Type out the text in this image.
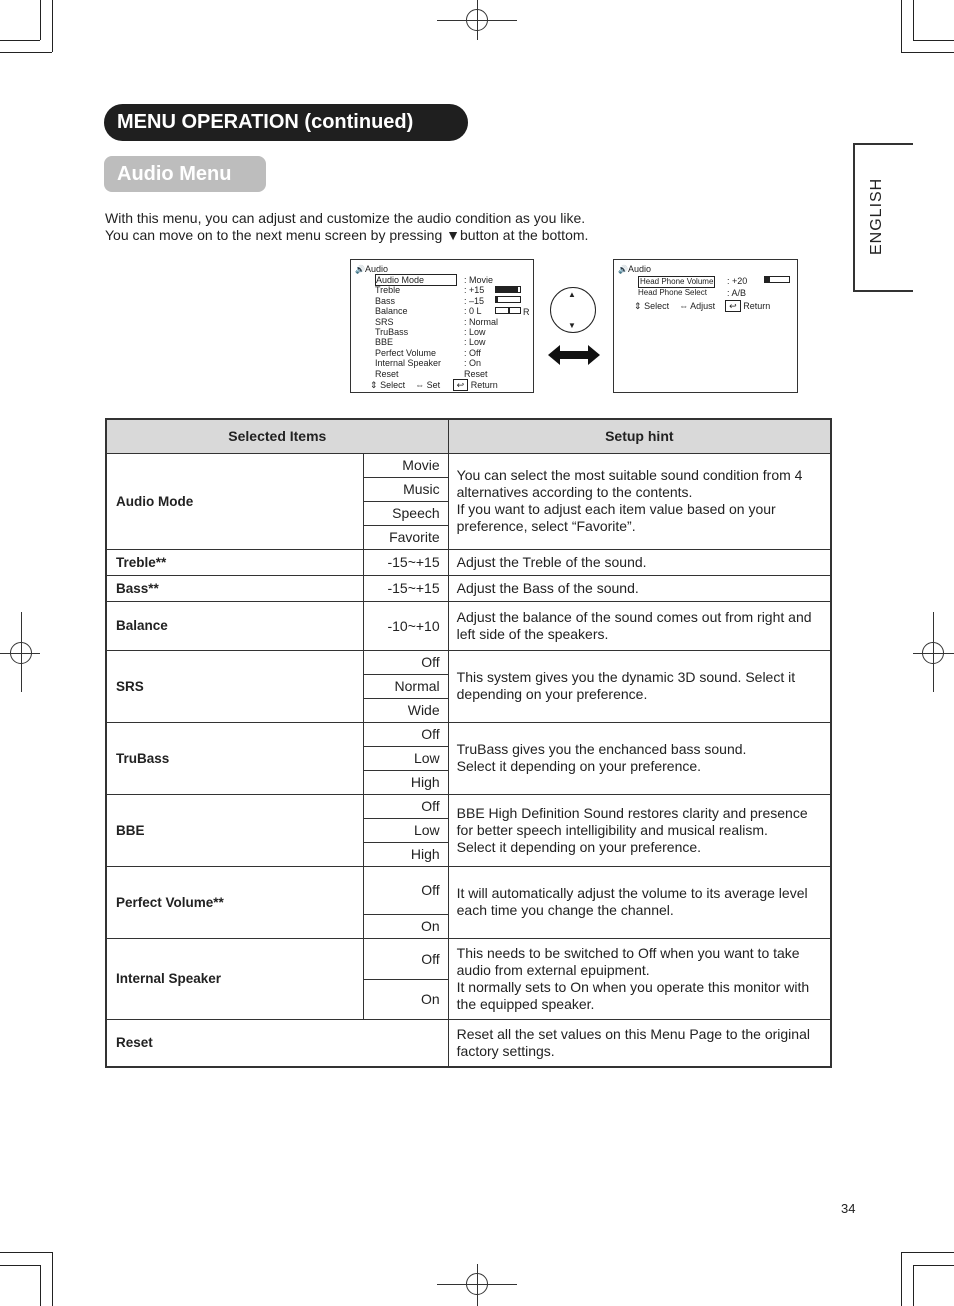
MENU OPERATION (continued)
Audio Menu
With this menu, you can adjust and customize the audio condition as you like.
You can move on to the next menu screen by pressing ▼button at the bottom.	ENGLISH
🔊Audio
Audio Mode	: Movie
Treble	: +15
Bass	: –15
Balance	: 0 L
SRS	: Normal
TruBass	: Low
BBE	: Low
Perfect Volume	: Off
Internal Speaker	: On
Reset	Reset
R
⇕ Select ⇔ Set ↩ Return
▲
▼
🔊Audio
Head Phone Volume : +20
Head Phone Select : A/B
⇕ Select ⇔ Adjust ↩ Return
Selected Items		Setup hint
Audio Mode	Movie	You can select the most suitable sound condition from 4 alternatives according to the contents.
If you want to adjust each item value based on your preference, select “Favorite”.
	Music	
	Speech	
	Favorite	
Treble**	-15~+15	Adjust the Treble of the sound.
Bass**	-15~+15	Adjust the Bass of the sound.
Balance	-10~+10	Adjust the balance of the sound comes out from right and left side of the speakers.
SRS	Off	This system gives you the dynamic 3D sound. Select it depending on your preference.
	Normal	
	Wide	
TruBass	Off	TruBass gives you the enchanced bass sound.
Select it depending on your preference.
	Low	
	High	
BBE	Off	BBE High Definition Sound restores clarity and presence for better speech intelligibility and musical realism.
Select it depending on your preference.
	Low	
	High	
Perfect Volume**	Off	It will automatically adjust the volume to its average level each time you change the channel.
	On	
Internal Speaker	Off	This needs to be switched to Off when you want to take audio from external epuipment.
It normally sets to On when you operate this monitor with the equipped speaker.
	On	
Reset		Reset all the set values on this Menu Page to the original factory settings.
34
